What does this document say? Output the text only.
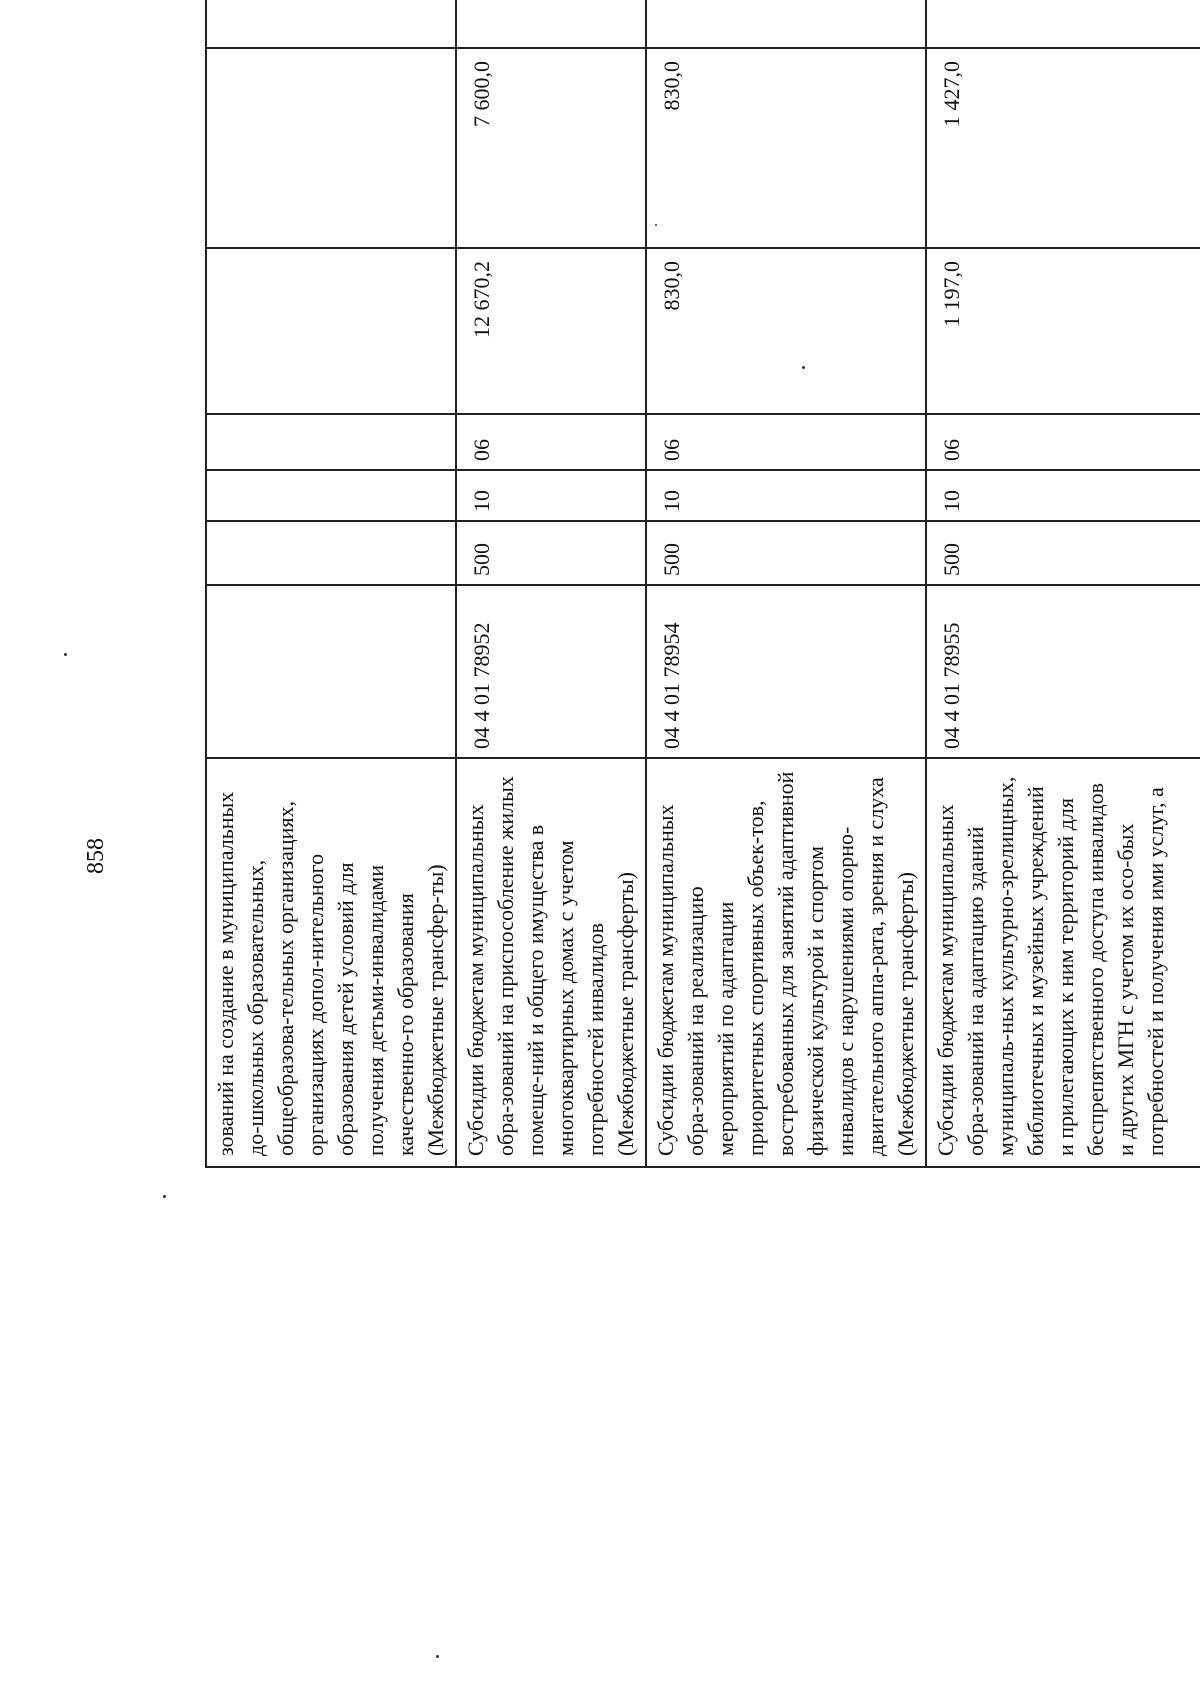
858	зований на создание в муниципальных до-школьных образовательных, общеобразова-тельных организациях, организациях допол-нительного образования детей условий для получения детьми-инвалидами качественно-го образования (Межбюджетные трансфер-ты)							
Субсидии бюджетам муниципальных обра-зований на приспособление жилых помеще-ний и общего имущества в многоквартирных домах с учетом потребностей инвалидов (Межбюджетные трансферты)	04 4 01 78952	500	10	06	12 670,2	7 600,0	
Субсидии бюджетам муниципальных обра-зований на реализацию мероприятий по адаптации приоритетных спортивных объек-тов, востребованных для занятий адаптивной физической культурой и спортом инвалидов с нарушениями опорно-двигательного аппа-рата, зрения и слуха (Межбюджетные трансферты)	04 4 01 78954	500	10	06	830,0	830,0	
Субсидии бюджетам муниципальных обра-зований на адаптацию зданий муниципаль-ных культурно-зрелищных, библиотечных и музейных учреждений и прилегающих к ним территорий для беспрепятственного доступа инвалидов и других МГН с учетом их осо-бых потребностей и получения ими услуг, а	04 4 01 78955	500	10	06	1 197,0	1 427,0	
